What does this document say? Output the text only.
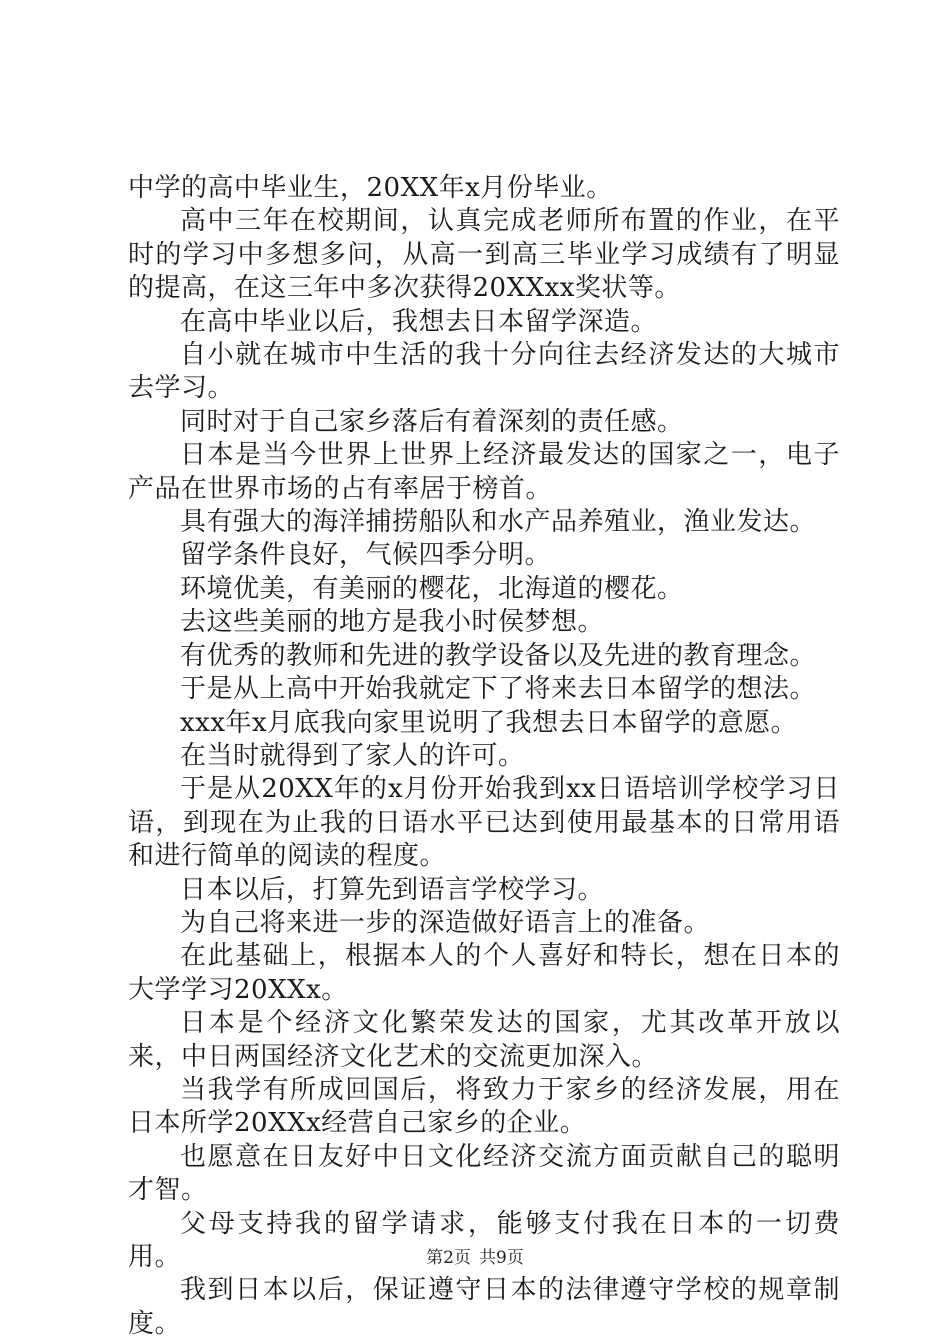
中学的高中毕业生，20XX年x月份毕业。

高中三年在校期间，认真完成老师所布置的作业，在平时的学习中多想多问，从高一到高三毕业学习成绩有了明显的提高，在这三年中多次获得20XXxx奖状等。

在高中毕业以后，我想去日本留学深造。

自小就在城市中生活的我十分向往去经济发达的大城市去学习。

同时对于自己家乡落后有着深刻的责任感。

日本是当今世界上世界上经济最发达的国家之一，电子产品在世界市场的占有率居于榜首。

具有强大的海洋捕捞船队和水产品养殖业，渔业发达。

留学条件良好，气候四季分明。

环境优美，有美丽的樱花，北海道的樱花。

去这些美丽的地方是我小时侯梦想。

有优秀的教师和先进的教学设备以及先进的教育理念。

于是从上高中开始我就定下了将来去日本留学的想法。

xxx年x月底我向家里说明了我想去日本留学的意愿。

在当时就得到了家人的许可。

于是从20XX年的x月份开始我到xx日语培训学校学习日语，到现在为止我的日语水平已达到使用最基本的日常用语和进行简单的阅读的程度。

日本以后，打算先到语言学校学习。

为自己将来进一步的深造做好语言上的准备。

在此基础上，根据本人的个人喜好和特长，想在日本的大学学习20XXx。

日本是个经济文化繁荣发达的国家，尤其改革开放以来，中日两国经济文化艺术的交流更加深入。

当我学有所成回国后，将致力于家乡的经济发展，用在日本所学20XXx经营自己家乡的企业。

也愿意在日友好中日文化经济交流方面贡献自己的聪明才智。

父母支持我的留学请求，能够支付我在日本的一切费用。

我到日本以后，保证遵守日本的法律遵守学校的规章制度。

第2页 共9页
